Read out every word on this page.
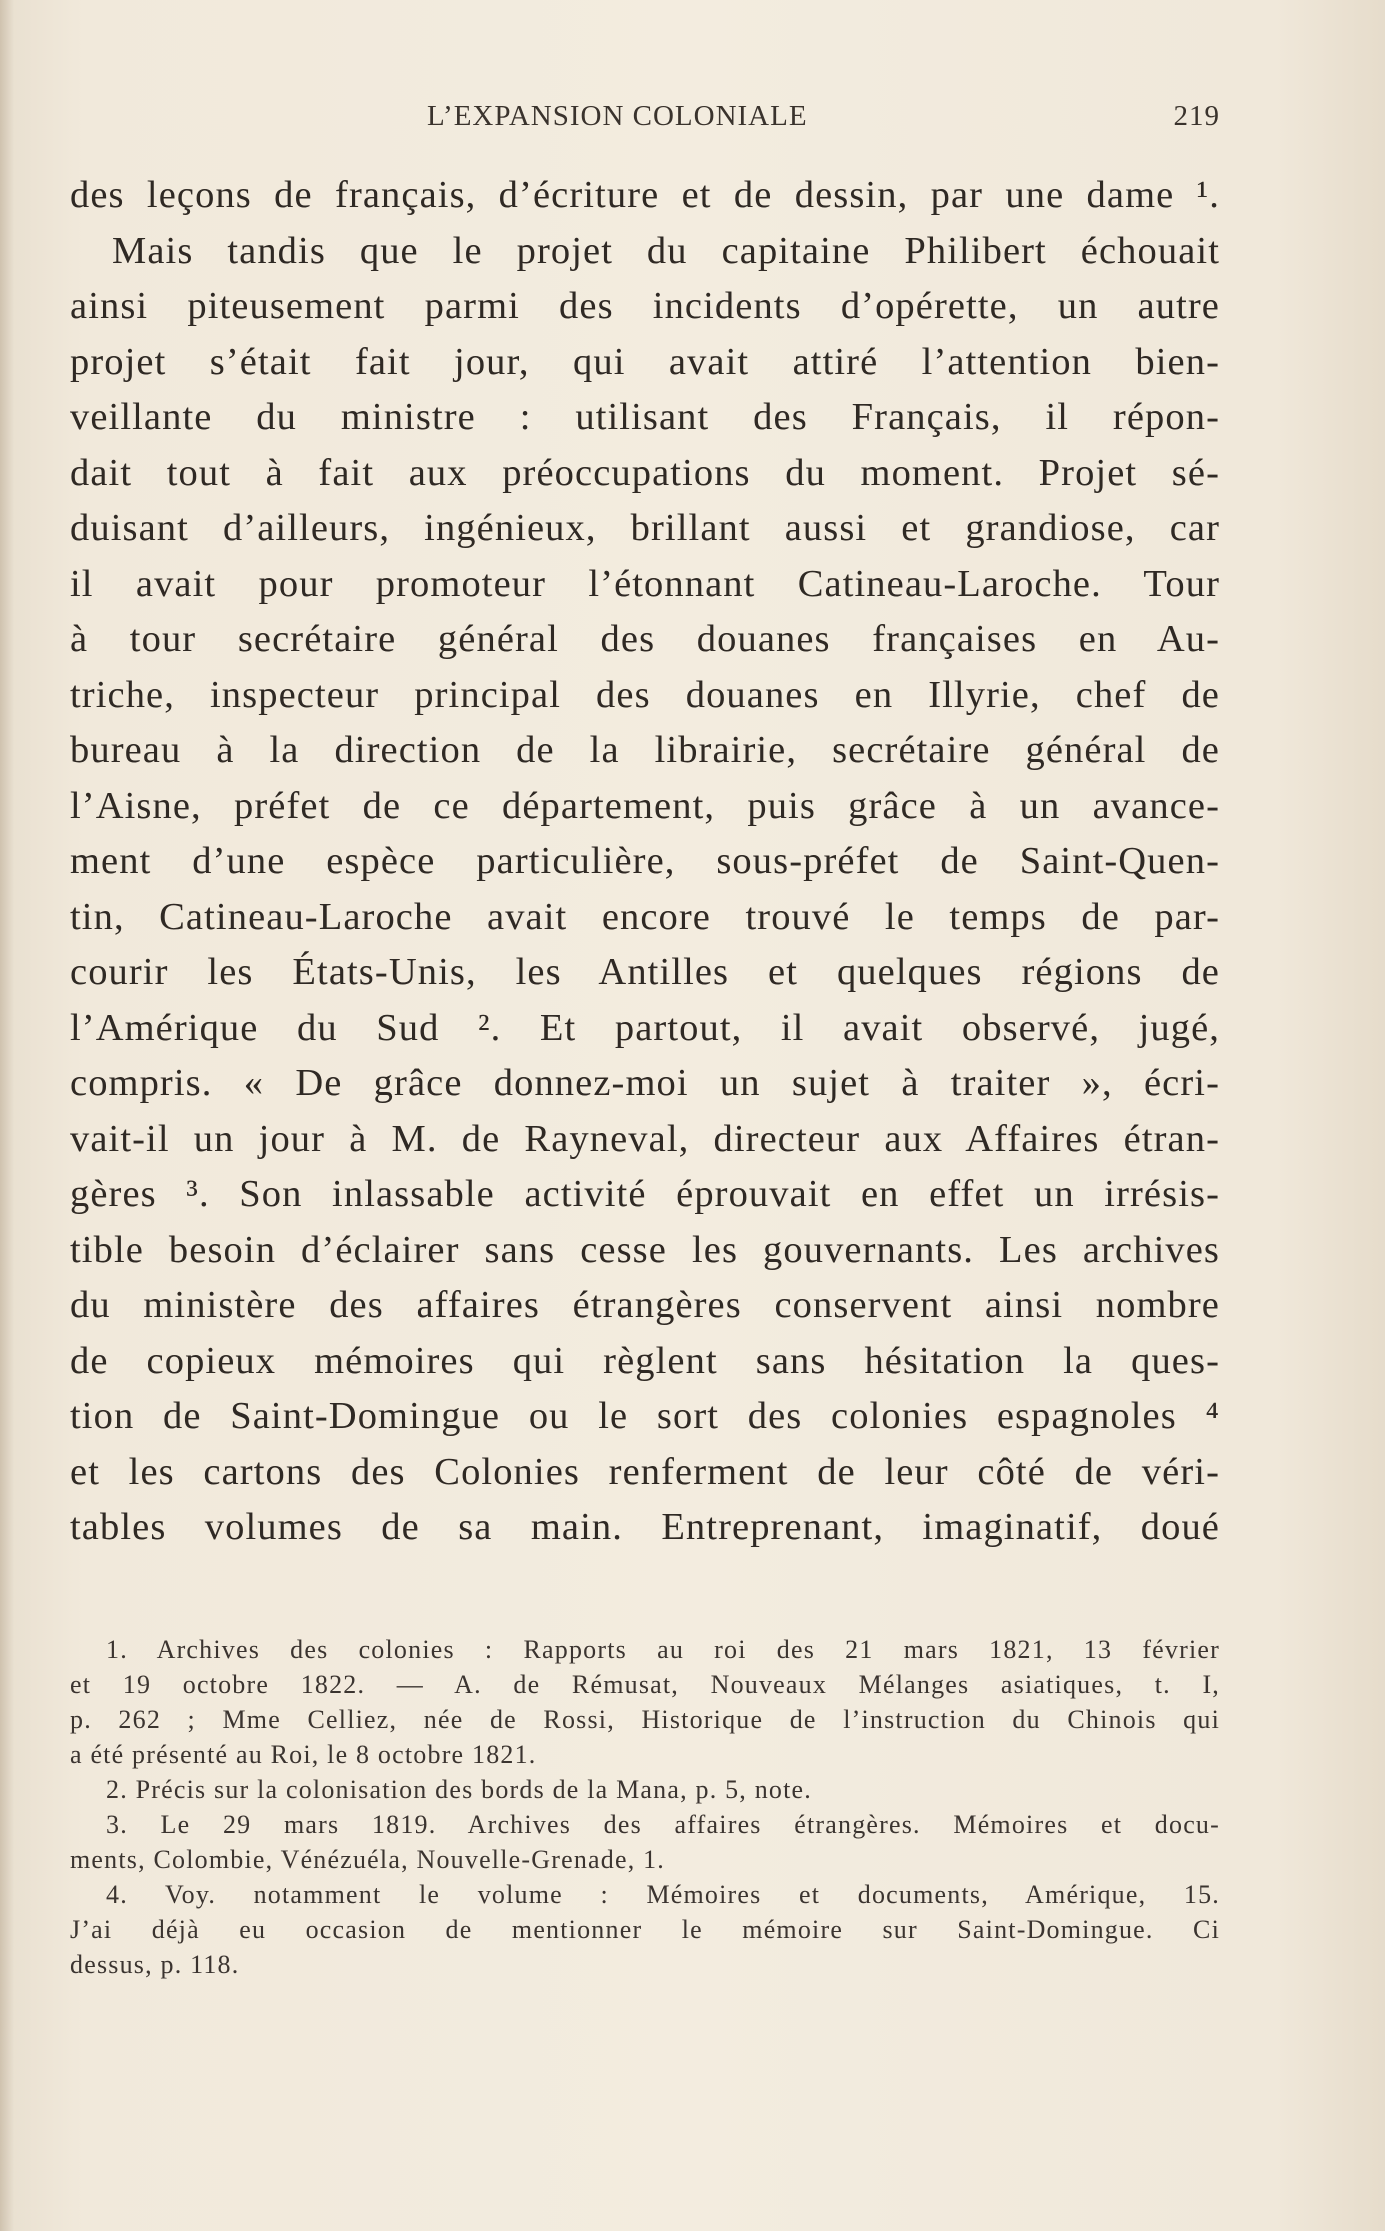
L’EXPANSION COLONIALE	219
des leçons de français, d’écriture et de dessin, par une dame ¹.
Mais tandis que le projet du capitaine Philibert échouait
ainsi piteusement parmi des incidents d’opérette, un autre
projet s’était fait jour, qui avait attiré l’attention bien-
veillante du ministre : utilisant des Français, il répon-
dait tout à fait aux préoccupations du moment. Projet sé-
duisant d’ailleurs, ingénieux, brillant aussi et grandiose, car
il avait pour promoteur l’étonnant Catineau-Laroche. Tour
à tour secrétaire général des douanes françaises en Au-
triche, inspecteur principal des douanes en Illyrie, chef de
bureau à la direction de la librairie, secrétaire général de
l’Aisne, préfet de ce département, puis grâce à un avance-
ment d’une espèce particulière, sous-préfet de Saint-Quen-
tin, Catineau-Laroche avait encore trouvé le temps de par-
courir les États-Unis, les Antilles et quelques régions de
l’Amérique du Sud ². Et partout, il avait observé, jugé,
compris. « De grâce donnez-moi un sujet à traiter », écri-
vait-il un jour à M. de Rayneval, directeur aux Affaires étran-
gères ³. Son inlassable activité éprouvait en effet un irrésis-
tible besoin d’éclairer sans cesse les gouvernants. Les archives
du ministère des affaires étrangères conservent ainsi nombre
de copieux mémoires qui règlent sans hésitation la ques-
tion de Saint-Domingue ou le sort des colonies espagnoles ⁴
et les cartons des Colonies renferment de leur côté de véri-
tables volumes de sa main. Entreprenant, imaginatif, doué
1. Archives des colonies : Rapports au roi des 21 mars 1821, 13 février
et 19 octobre 1822. — A. de Rémusat, Nouveaux Mélanges asiatiques, t. I,
p. 262 ; Mme Celliez, née de Rossi, Historique de l’instruction du Chinois qui
a été présenté au Roi, le 8 octobre 1821.
2. Précis sur la colonisation des bords de la Mana, p. 5, note.
3. Le 29 mars 1819. Archives des affaires étrangères. Mémoires et docu-
ments, Colombie, Vénézuéla, Nouvelle-Grenade, 1.
4. Voy. notamment le volume : Mémoires et documents, Amérique, 15.
J’ai déjà eu occasion de mentionner le mémoire sur Saint-Domingue. Ci
dessus, p. 118.
